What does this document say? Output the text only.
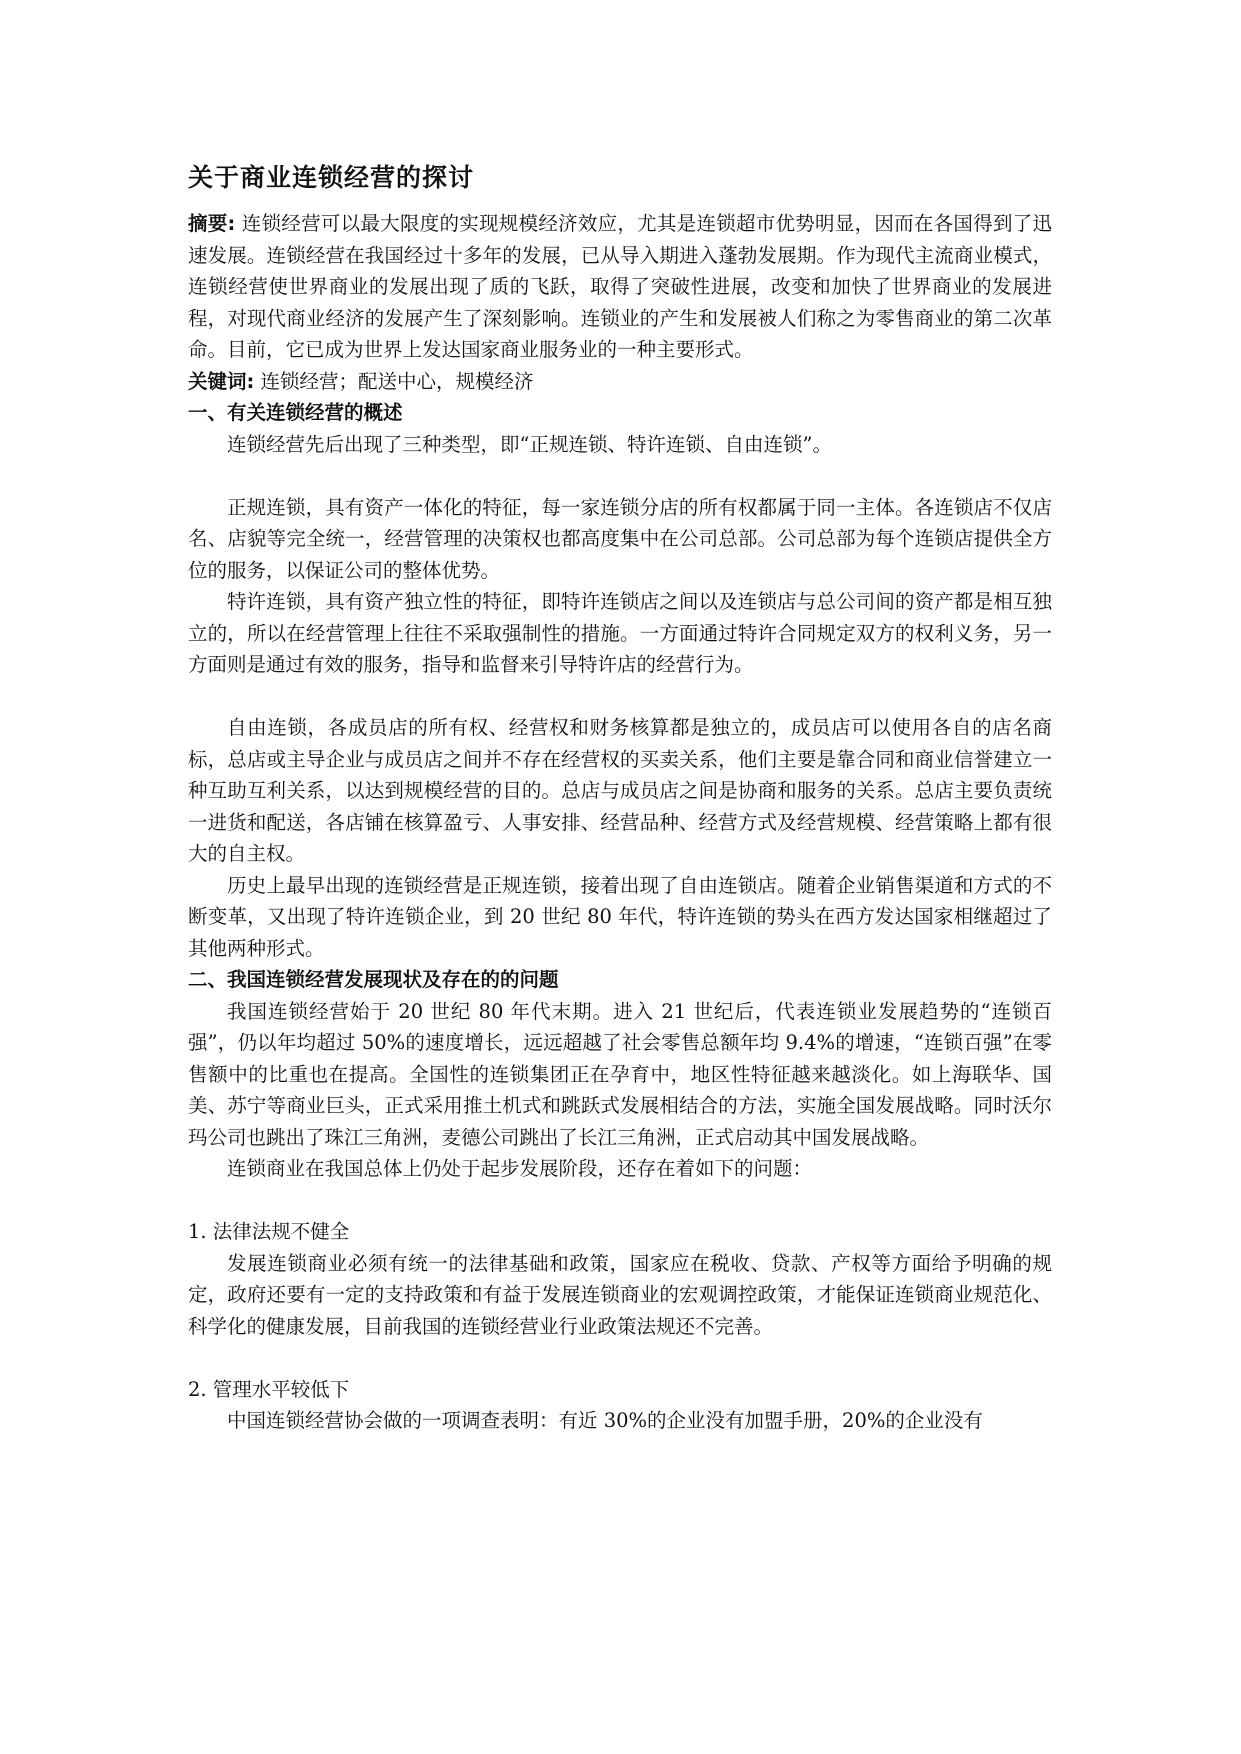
关于商业连锁经营的探讨

摘要: 连锁经营可以最大限度的实现规模经济效应，尤其是连锁超市优势明显，因而在各国得到了迅速发展。连锁经营在我国经过十多年的发展，已从导入期进入蓬勃发展期。作为现代主流商业模式，连锁经营使世界商业的发展出现了质的飞跃，取得了突破性进展，改变和加快了世界商业的发展进程，对现代商业经济的发展产生了深刻影响。连锁业的产生和发展被人们称之为零售商业的第二次革命。目前，它已成为世界上发达国家商业服务业的一种主要形式。

关键词: 连锁经营；配送中心，规模经济

一、有关连锁经营的概述

连锁经营先后出现了三种类型，即“正规连锁、特许连锁、自由连锁”。

正规连锁，具有资产一体化的特征，每一家连锁分店的所有权都属于同一主体。各连锁店不仅店名、店貌等完全统一，经营管理的决策权也都高度集中在公司总部。公司总部为每个连锁店提供全方位的服务，以保证公司的整体优势。

特许连锁，具有资产独立性的特征，即特许连锁店之间以及连锁店与总公司间的资产都是相互独立的，所以在经营管理上往往不采取强制性的措施。一方面通过特许合同规定双方的权利义务，另一方面则是通过有效的服务，指导和监督来引导特许店的经营行为。

自由连锁，各成员店的所有权、经营权和财务核算都是独立的，成员店可以使用各自的店名商标，总店或主导企业与成员店之间并不存在经营权的买卖关系，他们主要是靠合同和商业信誉建立一种互助互利关系，以达到规模经营的目的。总店与成员店之间是协商和服务的关系。总店主要负责统一进货和配送，各店铺在核算盈亏、人事安排、经营品种、经营方式及经营规模、经营策略上都有很大的自主权。

历史上最早出现的连锁经营是正规连锁，接着出现了自由连锁店。随着企业销售渠道和方式的不断变革，又出现了特许连锁企业，到 20 世纪 80 年代，特许连锁的势头在西方发达国家相继超过了其他两种形式。

二、我国连锁经营发展现状及存在的的问题

我国连锁经营始于 20 世纪 80 年代末期。进入 21 世纪后，代表连锁业发展趋势的“连锁百强”，仍以年均超过 50%的速度增长，远远超越了社会零售总额年均 9.4%的增速，“连锁百强”在零售额中的比重也在提高。全国性的连锁集团正在孕育中，地区性特征越来越淡化。如上海联华、国美、苏宁等商业巨头，正式采用推土机式和跳跃式发展相结合的方法，实施全国发展战略。同时沃尔玛公司也跳出了珠江三角洲，麦德公司跳出了长江三角洲，正式启动其中国发展战略。

连锁商业在我国总体上仍处于起步发展阶段，还存在着如下的问题：

1. 法律法规不健全

发展连锁商业必须有统一的法律基础和政策，国家应在税收、贷款、产权等方面给予明确的规定，政府还要有一定的支持政策和有益于发展连锁商业的宏观调控政策，才能保证连锁商业规范化、科学化的健康发展，目前我国的连锁经营业行业政策法规还不完善。

2. 管理水平较低下

中国连锁经营协会做的一项调查表明：有近 30%的企业没有加盟手册，20%的企业没有
